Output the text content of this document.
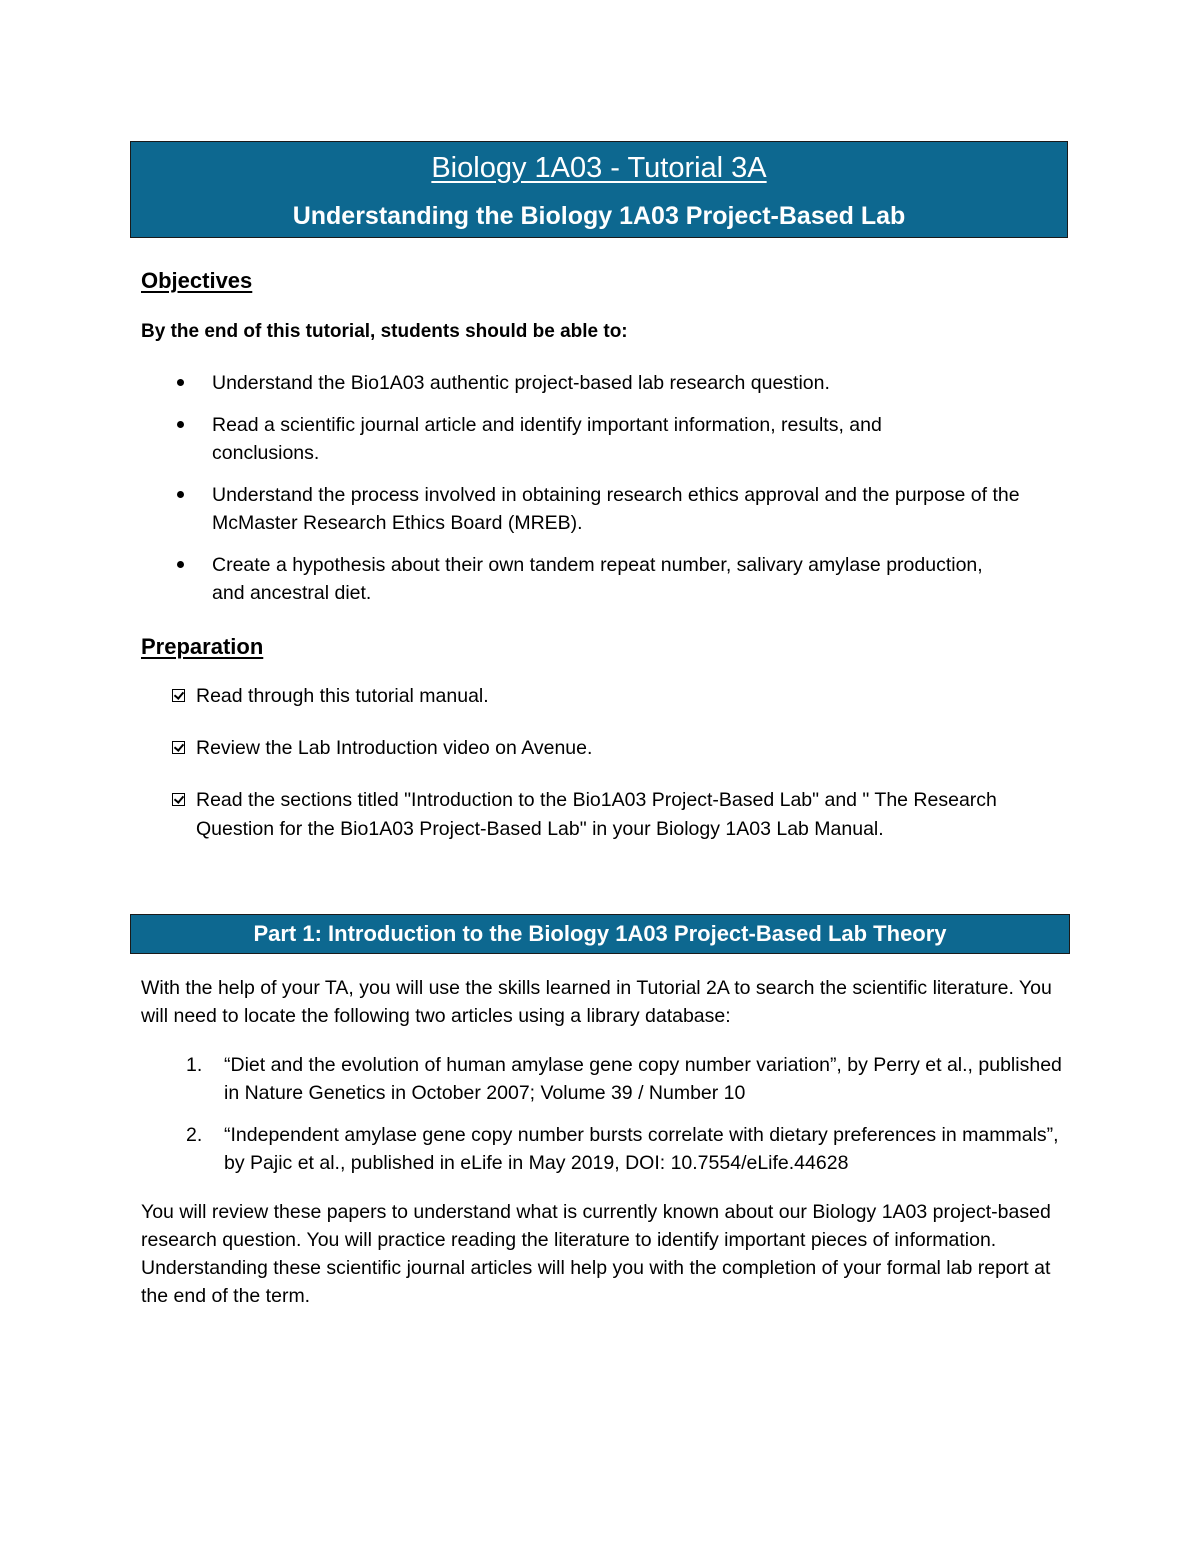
Biology 1A03 - Tutorial 3A
Understanding the Biology 1A03 Project-Based Lab
Objectives
By the end of this tutorial, students should be able to:
Understand the Bio1A03 authentic project-based lab research question.
Read a scientific journal article and identify important information, results, and conclusions.
Understand the process involved in obtaining research ethics approval and the purpose of the McMaster Research Ethics Board (MREB).
Create a hypothesis about their own tandem repeat number, salivary amylase production, and ancestral diet.
Preparation
Read through this tutorial manual.
Review the Lab Introduction video on Avenue.
Read the sections titled "Introduction to the Bio1A03 Project-Based Lab" and " The Research Question for the Bio1A03 Project-Based Lab" in your Biology 1A03 Lab Manual.
Part 1: Introduction to the Biology 1A03 Project-Based Lab Theory

With the help of your TA, you will use the skills learned in Tutorial 2A to search the scientific literature. You will need to locate the following two articles using a library database:

1. “Diet and the evolution of human amylase gene copy number variation”, by Perry et al., published in Nature Genetics in October 2007; Volume 39 / Number 10
2. “Independent amylase gene copy number bursts correlate with dietary preferences in mammals”, by Pajic et al., published in eLife in May 2019, DOI: 10.7554/eLife.44628

You will review these papers to understand what is currently known about our Biology 1A03 project-based research question. You will practice reading the literature to identify important pieces of information. Understanding these scientific journal articles will help you with the completion of your formal lab report at the end of the term.
